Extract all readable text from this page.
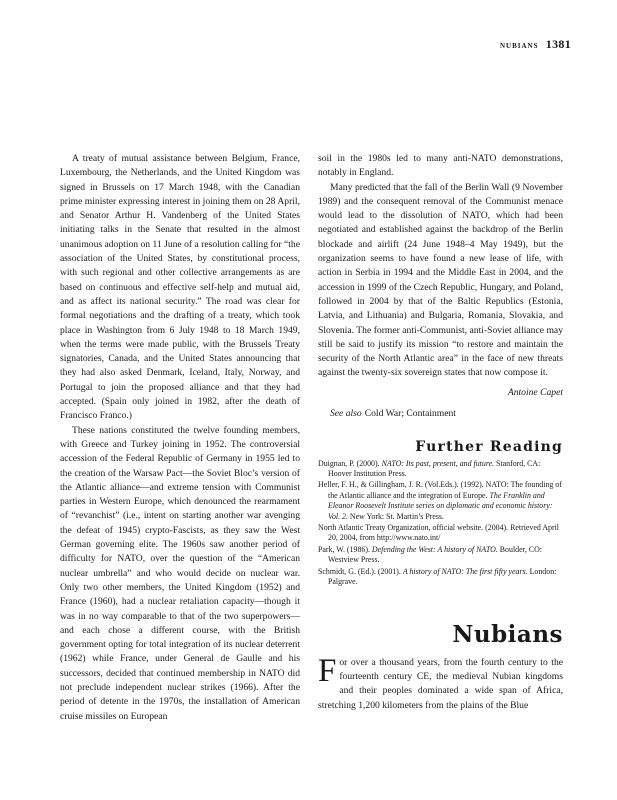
nubians 1381

A treaty of mutual assistance between Belgium, France, Luxembourg, the Netherlands, and the United Kingdom was signed in Brussels on 17 March 1948, with the Canadian prime minister expressing interest in joining them on 28 April, and Senator Arthur H. Vandenberg of the United States initiating talks in the Senate that resulted in the almost unanimous adoption on 11 June of a resolution calling for “the association of the United States, by constitutional process, with such regional and other collective arrangements as are based on continuous and effective self-help and mutual aid, and as affect its national security.” The road was clear for formal negotiations and the drafting of a treaty, which took place in Washington from 6 July 1948 to 18 March 1949, when the terms were made public, with the Brussels Treaty signatories, Canada, and the United States announcing that they had also asked Denmark, Iceland, Italy, Norway, and Portugal to join the proposed alliance and that they had accepted. (Spain only joined in 1982, after the death of Francisco Franco.)

These nations constituted the twelve founding members, with Greece and Turkey joining in 1952. The controversial accession of the Federal Republic of Germany in 1955 led to the creation of the Warsaw Pact—the Soviet Bloc’s version of the Atlantic alliance—and extreme tension with Communist parties in Western Europe, which denounced the rearmament of “revanchist” (i.e., intent on starting another war avenging the defeat of 1945) crypto-Fascists, as they saw the West German governing elite. The 1960s saw another period of difficulty for NATO, over the question of the “American nuclear umbrella” and who would decide on nuclear war. Only two other members, the United Kingdom (1952) and France (1960), had a nuclear retaliation capacity—though it was in no way comparable to that of the two superpowers—and each chose a different course, with the British government opting for total integration of its nuclear deterrent (1962) while France, under General de Gaulle and his successors, decided that continued membership in NATO did not preclude independent nuclear strikes (1966). After the period of detente in the 1970s, the installation of American cruise missiles on European

soil in the 1980s led to many anti-NATO demonstrations, notably in England.

Many predicted that the fall of the Berlin Wall (9 November 1989) and the consequent removal of the Communist menace would lead to the dissolution of NATO, which had been negotiated and established against the backdrop of the Berlin blockade and airlift (24 June 1948–4 May 1949), but the organization seems to have found a new lease of life, with action in Serbia in 1994 and the Middle East in 2004, and the accession in 1999 of the Czech Republic, Hungary, and Poland, followed in 2004 by that of the Baltic Republics (Estonia, Latvia, and Lithuania) and Bulgaria, Romania, Slovakia, and Slovenia. The former anti-Communist, anti-Soviet alliance may still be said to justify its mission “to restore and maintain the security of the North Atlantic area” in the face of new threats against the twenty-six sovereign states that now compose it.

Antoine Capet

See also Cold War; Containment

Further Reading
Duignan, P. (2000). NATO: Its past, present, and future. Stanford, CA: Hoover Institution Press.
Heller, F. H., & Gillingham, J. R. (Vol.Eds.). (1992). NATO: The founding of the Atlantic alliance and the integration of Europe. The Franklin and Eleanor Roosevelt Institute series on diplomatic and economic history: Vol. 2. New York: St. Martin’s Press.
North Atlantic Treaty Organization, official website. (2004). Retrieved April 20, 2004, from http://www.nato.int/
Park, W. (1986). Defending the West: A history of NATO. Boulder, CO: Westview Press.
Schmidt, G. (Ed.). (2001). A history of NATO: The first fifty years. London: Palgrave.
Nubians

For over a thousand years, from the fourth century to the fourteenth century CE, the medieval Nubian kingdoms and their peoples dominated a wide span of Africa, stretching 1,200 kilometers from the plains of the Blue
